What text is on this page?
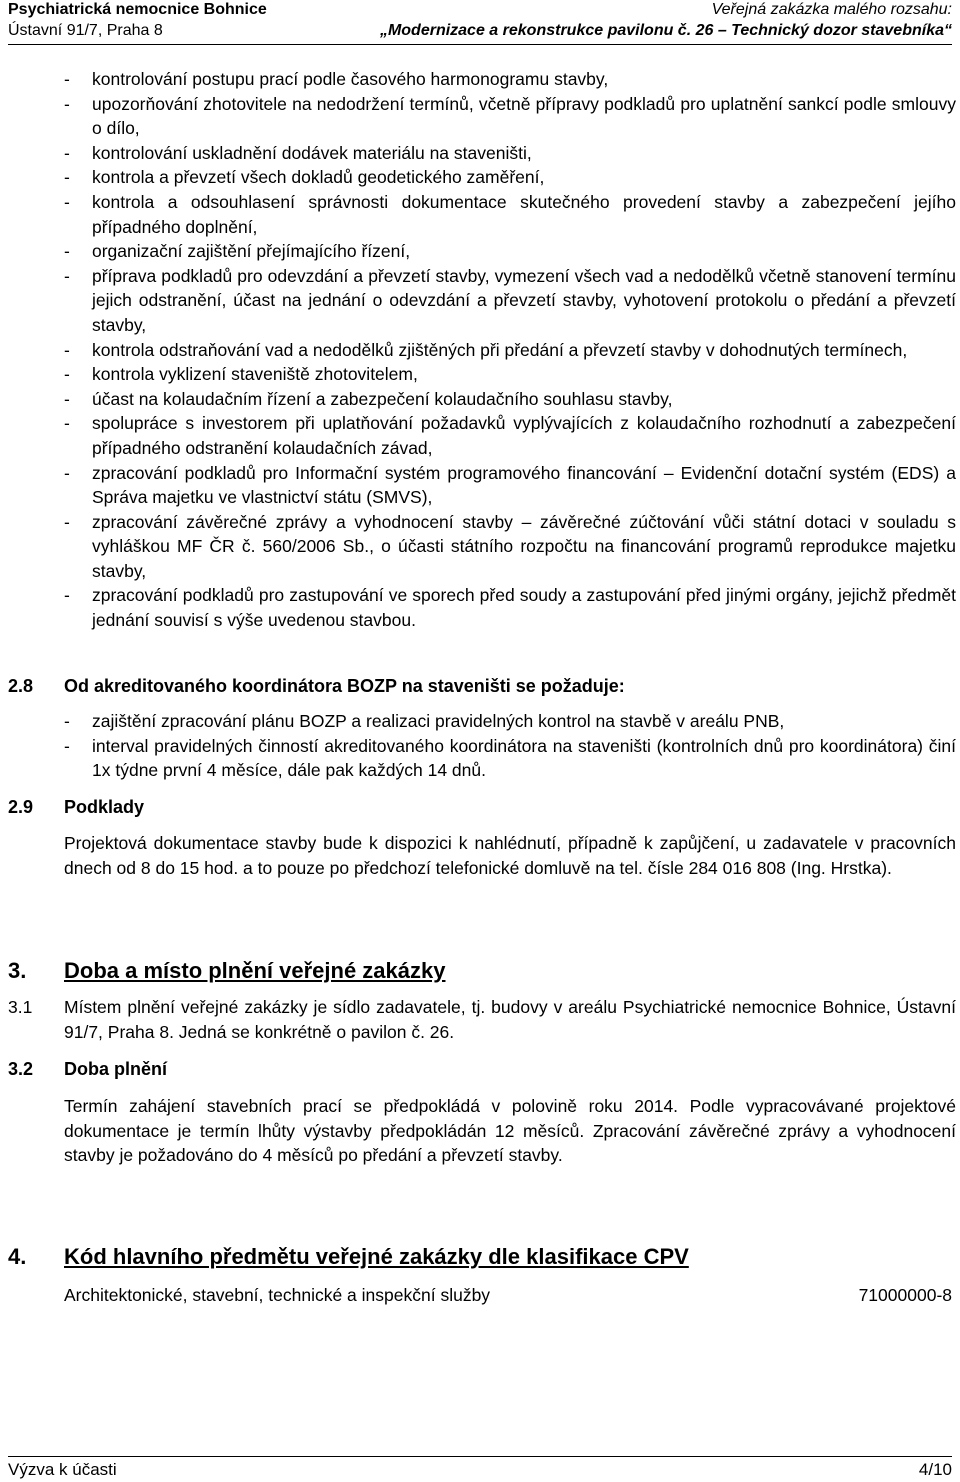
Psychiatrická nemocnice Bohnice	Veřejná zakázka malého rozsahu:
Ústavní 91/7, Praha 8	„Modernizace a rekonstrukce pavilonu č. 26 – Technický dozor stavebníka“
- kontrolování postupu prací podle časového harmonogramu stavby,
- upozorňování zhotovitele na nedodržení termínů, včetně přípravy podkladů pro uplatnění sankcí podle smlouvy o dílo,
- kontrolování uskladnění dodávek materiálu na staveništi,
- kontrola a převzetí všech dokladů geodetického zaměření,
- kontrola a odsouhlasení správnosti dokumentace skutečného provedení stavby a zabezpečení jejího případného doplnění,
- organizační zajištění přejímajícího řízení,
- příprava podkladů pro odevzdání a převzetí stavby, vymezení všech vad a nedodělků včetně stanovení termínu jejich odstranění, účast na jednání o odevzdání a převzetí stavby, vyhotovení protokolu o předání a převzetí stavby,
- kontrola odstraňování vad a nedodělků zjištěných při předání a převzetí stavby v dohodnutých termínech,
- kontrola vyklizení staveniště zhotovitelem,
- účast na kolaudačním řízení a zabezpečení kolaudačního souhlasu stavby,
- spolupráce s investorem při uplatňování požadavků vyplývajících z kolaudačního rozhodnutí a zabezpečení případného odstranění kolaudačních závad,
- zpracování podkladů pro Informační systém programového financování – Evidenční dotační systém (EDS) a Správa majetku ve vlastnictví státu (SMVS),
- zpracování závěrečné zprávy a vyhodnocení stavby – závěrečné zúčtování vůči státní dotaci v souladu s vyhláškou MF ČR č. 560/2006 Sb., o účasti státního rozpočtu na financování programů reprodukce majetku stavby,
- zpracování podkladů pro zastupování ve sporech před soudy a zastupování před jinými orgány, jejichž předmět jednání souvisí s výše uvedenou stavbou.
2.8 Od akreditovaného koordinátora BOZP na staveništi se požaduje:
- zajištění zpracování plánu BOZP a realizaci pravidelných kontrol na stavbě v areálu PNB,
- interval pravidelných činností akreditovaného koordinátora na staveništi (kontrolních dnů pro koordinátora) činí 1x týdne první 4 měsíce, dále pak každých 14 dnů.
2.9 Podklady
Projektová dokumentace stavby bude k dispozici k nahlédnutí, případně k zapůjčení, u zadavatele v pracovních dnech od 8 do 15 hod. a to pouze po předchozí telefonické domluvě na tel. čísle 284 016 808 (Ing. Hrstka).
3. Doba a místo plnění veřejné zakázky
3.1 Místem plnění veřejné zakázky je sídlo zadavatele, tj. budovy v areálu Psychiatrické nemocnice Bohnice, Ústavní 91/7, Praha 8. Jedná se konkrétně o pavilon č. 26.
3.2 Doba plnění
Termín zahájení stavebních prací se předpokládá v polovině roku 2014. Podle vypracovávané projektové dokumentace je termín lhůty výstavby předpokládán 12 měsíců. Zpracování závěrečné zprávy a vyhodnocení stavby je požadováno do 4 měsíců po předání a převzetí stavby.
4. Kód hlavního předmětu veřejné zakázky dle klasifikace CPV
Architektonické, stavební, technické a inspekční služby	71000000-8
Výzva k účasti	4/10
